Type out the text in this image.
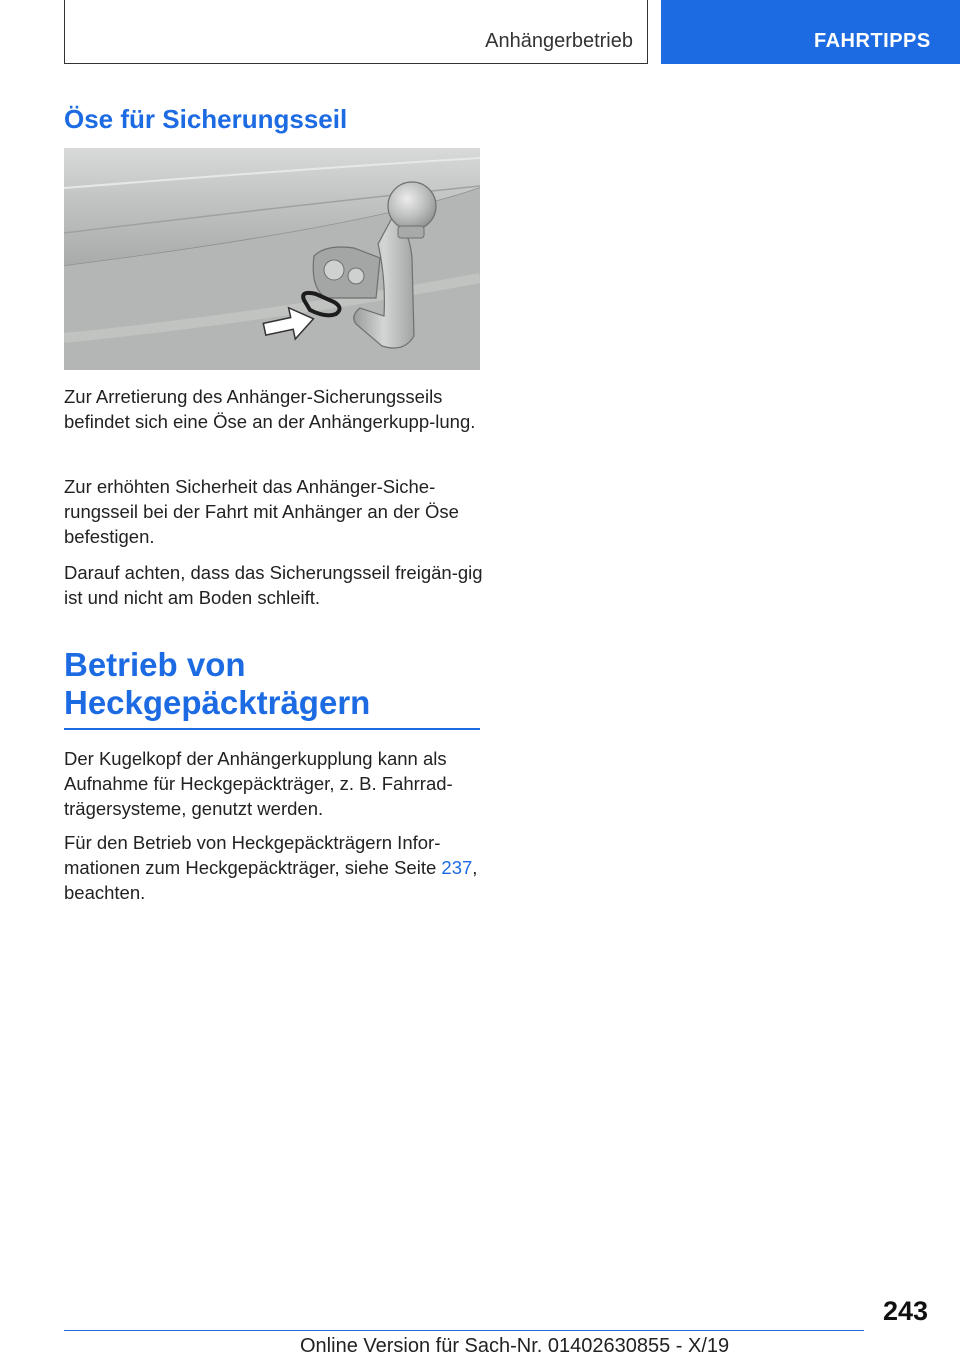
Anhängerbetrieb	FAHRTIPPS
Öse für Sicherungsseil

Zur Arretierung des Anhänger-Sicherungsseils befindet sich eine Öse an der Anhängerkupp-lung.

Zur erhöhten Sicherheit das Anhänger-Siche-rungsseil bei der Fahrt mit Anhänger an der Öse befestigen.

Darauf achten, dass das Sicherungsseil freigän-gig ist und nicht am Boden schleift.

Betrieb von Heckgepäckträgern

Der Kugelkopf der Anhängerkupplung kann als Aufnahme für Heckgepäckträger, z. B. Fahrrad-trägersysteme, genutzt werden.

Für den Betrieb von Heckgepäckträgern Infor-mationen zum Heckgepäckträger, siehe Seite 237, beachten.

243
Online Version für Sach-Nr. 01402630855 - X/19
